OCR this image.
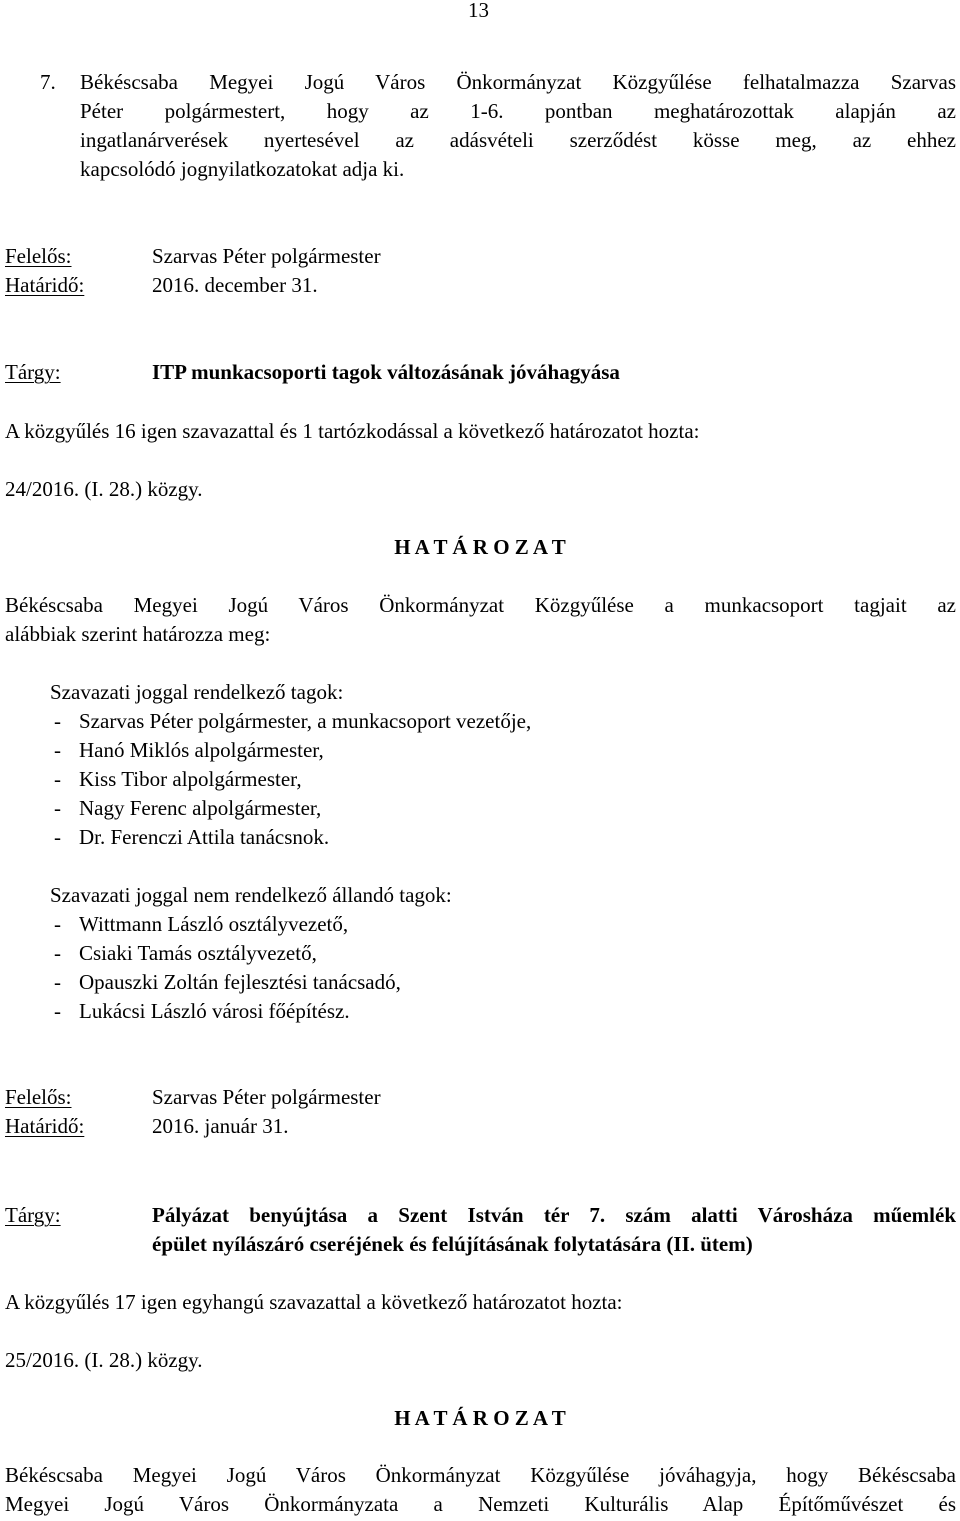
13
7. Békéscsaba Megyei Jogú Város Önkormányzat Közgyűlése felhatalmazza Szarvas
Péter polgármestert, hogy az 1-6. pontban meghatározottak alapján az
ingatlanárverések nyertesével az adásvételi szerződést kösse meg, az ehhez
kapcsolódó jognyilatkozatokat adja ki.
Felelős:	Szarvas Péter polgármester
Határidő:	2016. december 31.
Tárgy:	ITP munkacsoporti tagok változásának jóváhagyása
A közgyűlés 16 igen szavazattal és 1 tartózkodással a következő határozatot hozta:
24/2016. (I. 28.) közgy.
H A T Á R O Z A T
Békéscsaba Megyei Jogú Város Önkormányzat Közgyűlése a munkacsoport tagjait az
alábbiak szerint határozza meg:
Szavazati joggal rendelkező tagok:
- Szarvas Péter polgármester, a munkacsoport vezetője,
- Hanó Miklós alpolgármester,
- Kiss Tibor alpolgármester,
- Nagy Ferenc alpolgármester,
- Dr. Ferenczi Attila tanácsnok.
Szavazati joggal nem rendelkező állandó tagok:
- Wittmann László osztályvezető,
- Csiaki Tamás osztályvezető,
- Opauszki Zoltán fejlesztési tanácsadó,
- Lukácsi László városi főépítész.
Felelős:	Szarvas Péter polgármester
Határidő:	2016. január 31.
Tárgy:	Pályázat benyújtása a Szent István tér 7. szám alatti Városháza műemlék
épület nyílászáró cseréjének és felújításának folytatására (II. ütem)
A közgyűlés 17 igen egyhangú szavazattal a következő határozatot hozta:
25/2016. (I. 28.) közgy.
H A T Á R O Z A T
Békéscsaba Megyei Jogú Város Önkormányzat Közgyűlése jóváhagyja, hogy Békéscsaba
Megyei Jogú Város Önkormányzata a Nemzeti Kulturális Alap Építőművészet és
